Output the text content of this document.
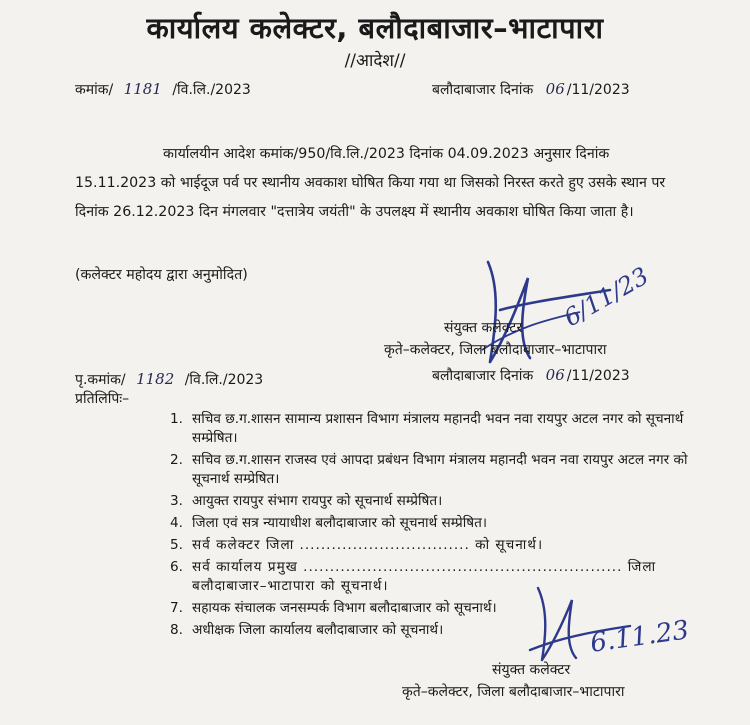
कार्यालय कलेक्टर, बलौदाबाजार–भाटापारा
//आदेश//
कमांक/ 1181 /वि.लि./2023	बलौदाबाजार दिनांक 06 /11/2023
कार्यालयीन आदेश कमांक/950/वि.लि./2023 दिनांक 04.09.2023 अनुसार दिनांक 15.11.2023 को भाईदूज पर्व पर स्थानीय अवकाश घोषित किया गया था जिसको निरस्त करते हुए उसके स्थान पर दिनांक 26.12.2023 दिन मंगलवार "दत्तात्रेय जयंती" के उपलक्ष्य में स्थानीय अवकाश घोषित किया जाता है।
(कलेक्टर महोदय द्वारा अनुमोदित)	6/11/23
संयुक्त कलेक्टर
कृते–कलेक्टर, जिला बलौदाबाजार–भाटापारा
बलौदाबाजार दिनांक 06 /11/2023
पृ.कमांक/ 1182 /वि.लि./2023
प्रतिलिपिः–
1. सचिव छ.ग.शासन सामान्य प्रशासन विभाग मंत्रालय महानदी भवन नवा रायपुर अटल नगर को सूचनार्थ सम्प्रेषित।
2. सचिव छ.ग.शासन राजस्व एवं आपदा प्रबंधन विभाग मंत्रालय महानदी भवन नवा रायपुर अटल नगर को सूचनार्थ सम्प्रेषित।
3. आयुक्त रायपुर संभाग रायपुर को सूचनार्थ सम्प्रेषित।
4. जिला एवं सत्र न्यायाधीश बलौदाबाजार को सूचनार्थ सम्प्रेषित।
5. सर्व कलेक्टर जिला ................................ को सूचनार्थ।
6. सर्व कार्यालय प्रमुख ............................................................ जिला बलौदाबाजार–भाटापारा को सूचनार्थ।
7. सहायक संचालक जनसम्पर्क विभाग बलौदाबाजार को सूचनार्थ।
8. अधीक्षक जिला कार्यालय बलौदाबाजार को सूचनार्थ।	6.11.23
संयुक्त कलेक्टर
कृते–कलेक्टर, जिला बलौदाबाजार–भाटापारा
